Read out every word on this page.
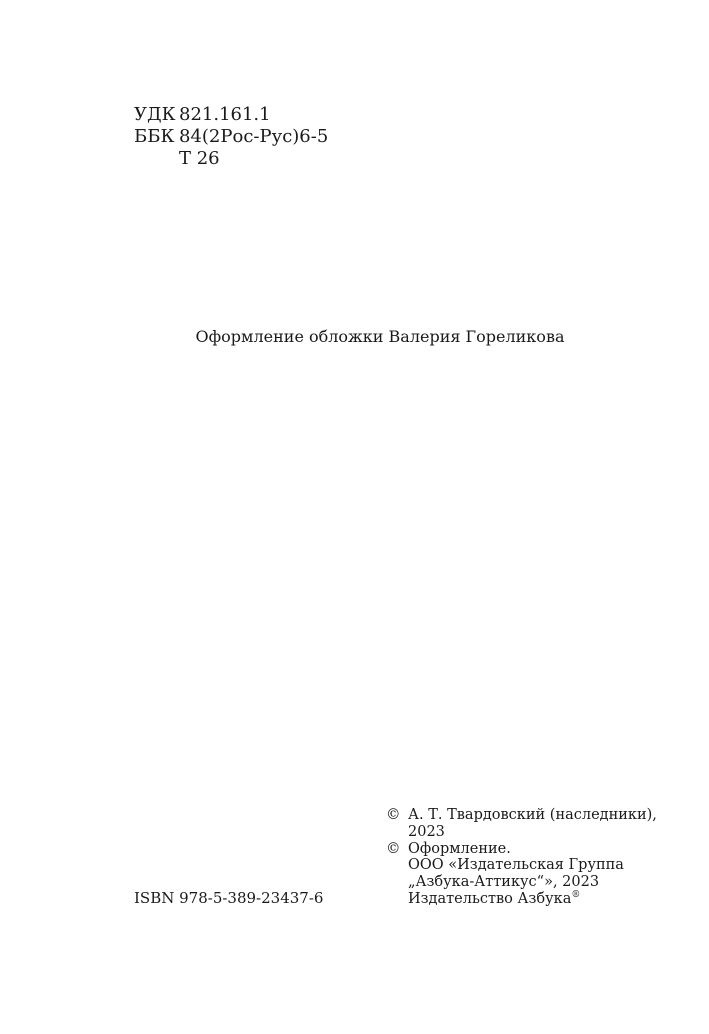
УДК 821.161.1
ББК 84(2Рос-Рус)6-5
Т 26
Оформление обложки Валерия Гореликова
ISBN 978-5-389-23437-6
© А. Т. Твардовский (наследники),
2023
© Оформление.
ООО «Издательская Группа
„Азбука-Аттикус“», 2023
Издательство Азбука®
